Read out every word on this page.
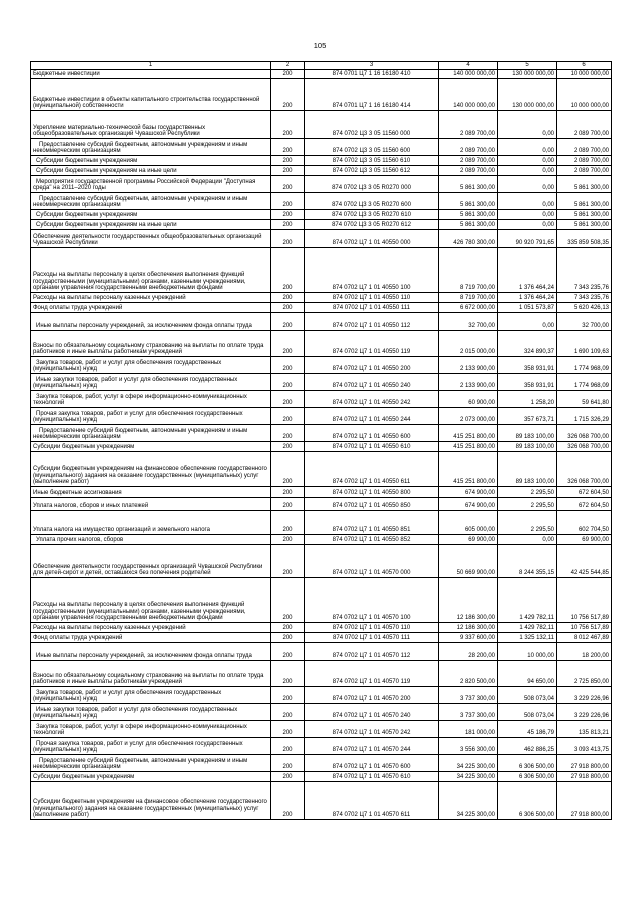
105
1	2	3	4	5	6
Бюджетные инвестиции	200	874 0701 Ц7 1 16 16180 410	140 000 000,00	130 000 000,00	10 000 000,00
Бюджетные инвестиции в объекты капитального строительства государственной (муниципальной) собственности	200	874 0701 Ц7 1 16 16180 414	140 000 000,00	130 000 000,00	10 000 000,00
Укрепление материально-технической базы государственных общеобразовательных организаций Чувашской Республики	200	874 0702 Ц3 3 05 11560 000	2 089 700,00	0,00	2 089 700,00
Предоставление субсидий бюджетным, автономным учреждениям и иным некоммерческим организациям	200	874 0702 Ц3 3 05 11560 600	2 089 700,00	0,00	2 089 700,00
Субсидии бюджетным учреждениям	200	874 0702 Ц3 3 05 11560 610	2 089 700,00	0,00	2 089 700,00
Субсидии бюджетным учреждениям на иные цели	200	874 0702 Ц3 3 05 11560 612	2 089 700,00	0,00	2 089 700,00
Мероприятия государственной программы Российской Федерации "Доступная среда" на 2011–2020 годы	200	874 0702 Ц3 3 05 R0270 000	5 861 300,00	0,00	5 861 300,00
Предоставление субсидий бюджетным, автономным учреждениям и иным некоммерческим организациям	200	874 0702 Ц3 3 05 R0270 600	5 861 300,00	0,00	5 861 300,00
Субсидии бюджетным учреждениям	200	874 0702 Ц3 3 05 R0270 610	5 861 300,00	0,00	5 861 300,00
Субсидии бюджетным учреждениям на иные цели	200	874 0702 Ц3 3 05 R0270 612	5 861 300,00	0,00	5 861 300,00
Обеспечение деятельности государственных общеобразовательных организаций Чувашской Республики	200	874 0702 Ц7 1 01 40550 000	426 780 300,00	90 920 791,65	335 859 508,35
Расходы на выплаты персоналу в целях обеспечения выполнения функций государственными (муниципальными) органами, казенными учреждениями, органами управления государственными внебюджетными фондами	200	874 0702 Ц7 1 01 40550 100	8 719 700,00	1 376 464,24	7 343 235,76
Расходы на выплаты персоналу казенных учреждений	200	874 0702 Ц7 1 01 40550 110	8 719 700,00	1 376 464,24	7 343 235,76
Фонд оплаты труда учреждений	200	874 0702 Ц7 1 01 40550 111	6 672 000,00	1 051 573,87	5 620 426,13
Иные выплаты персоналу учреждений, за исключением фонда оплаты труда	200	874 0702 Ц7 1 01 40550 112	32 700,00	0,00	32 700,00
Взносы по обязательному социальному страхованию на выплаты по оплате труда работников и иные выплаты работникам учреждений	200	874 0702 Ц7 1 01 40550 119	2 015 000,00	324 890,37	1 690 109,63
Закупка товаров, работ и услуг для обеспечения государственных (муниципальных) нужд	200	874 0702 Ц7 1 01 40550 200	2 133 900,00	358 931,91	1 774 968,09
Иные закупки товаров, работ и услуг для обеспечения государственных (муниципальных) нужд	200	874 0702 Ц7 1 01 40550 240	2 133 900,00	358 931,91	1 774 968,09
Закупка товаров, работ, услуг в сфере информационно-коммуникационных технологий	200	874 0702 Ц7 1 01 40550 242	60 900,00	1 258,20	59 641,80
Прочая закупка товаров, работ и услуг для обеспечения государственных (муниципальных) нужд	200	874 0702 Ц7 1 01 40550 244	2 073 000,00	357 673,71	1 715 326,29
Предоставление субсидий бюджетным, автономным учреждениям и иным некоммерческим организациям	200	874 0702 Ц7 1 01 40550 600	415 251 800,00	89 183 100,00	326 068 700,00
Субсидии бюджетным учреждениям	200	874 0702 Ц7 1 01 40550 610	415 251 800,00	89 183 100,00	326 068 700,00
Субсидии бюджетным учреждениям на финансовое обеспечение государственного (муниципального) задания на оказание государственных (муниципальных) услуг (выполнение работ)	200	874 0702 Ц7 1 01 40550 611	415 251 800,00	89 183 100,00	326 068 700,00
Иные бюджетные ассигнования	200	874 0702 Ц7 1 01 40550 800	674 900,00	2 295,50	672 604,50
Уплата налогов, сборов и иных платежей	200	874 0702 Ц7 1 01 40550 850	674 900,00	2 295,50	672 604,50
Уплата налога на имущество организаций и земельного налога	200	874 0702 Ц7 1 01 40550 851	605 000,00	2 295,50	602 704,50
Уплата прочих налогов, сборов	200	874 0702 Ц7 1 01 40550 852	69 900,00	0,00	69 900,00
Обеспечение деятельности государственных организаций Чувашской Республики для детей-сирот и детей, оставшихся без попечения родителей	200	874 0702 Ц7 1 01 40570 000	50 669 900,00	8 244 355,15	42 425 544,85
Расходы на выплаты персоналу в целях обеспечения выполнения функций государственными (муниципальными) органами, казенными учреждениями, органами управления государственными внебюджетными фондами	200	874 0702 Ц7 1 01 40570 100	12 186 300,00	1 429 782,11	10 756 517,89
Расходы на выплаты персоналу казенных учреждений	200	874 0702 Ц7 1 01 40570 110	12 186 300,00	1 429 782,11	10 756 517,89
Фонд оплаты труда учреждений	200	874 0702 Ц7 1 01 40570 111	9 337 600,00	1 325 132,11	8 012 467,89
Иные выплаты персоналу учреждений, за исключением фонда оплаты труда	200	874 0702 Ц7 1 01 40570 112	28 200,00	10 000,00	18 200,00
Взносы по обязательному социальному страхованию на выплаты по оплате труда работников и иные выплаты работникам учреждений	200	874 0702 Ц7 1 01 40570 119	2 820 500,00	94 650,00	2 725 850,00
Закупка товаров, работ и услуг для обеспечения государственных (муниципальных) нужд	200	874 0702 Ц7 1 01 40570 200	3 737 300,00	508 073,04	3 229 226,96
Иные закупки товаров, работ и услуг для обеспечения государственных (муниципальных) нужд	200	874 0702 Ц7 1 01 40570 240	3 737 300,00	508 073,04	3 229 226,96
Закупка товаров, работ, услуг в сфере информационно-коммуникационных технологий	200	874 0702 Ц7 1 01 40570 242	181 000,00	45 186,79	135 813,21
Прочая закупка товаров, работ и услуг для обеспечения государственных (муниципальных) нужд	200	874 0702 Ц7 1 01 40570 244	3 556 300,00	462 886,25	3 093 413,75
Предоставление субсидий бюджетным, автономным учреждениям и иным некоммерческим организациям	200	874 0702 Ц7 1 01 40570 600	34 225 300,00	6 306 500,00	27 918 800,00
Субсидии бюджетным учреждениям	200	874 0702 Ц7 1 01 40570 610	34 225 300,00	6 306 500,00	27 918 800,00
Субсидии бюджетным учреждениям на финансовое обеспечение государственного (муниципального) задания на оказание государственных (муниципальных) услуг (выполнение работ)	200	874 0702 Ц7 1 01 40570 611	34 225 300,00	6 306 500,00	27 918 800,00
